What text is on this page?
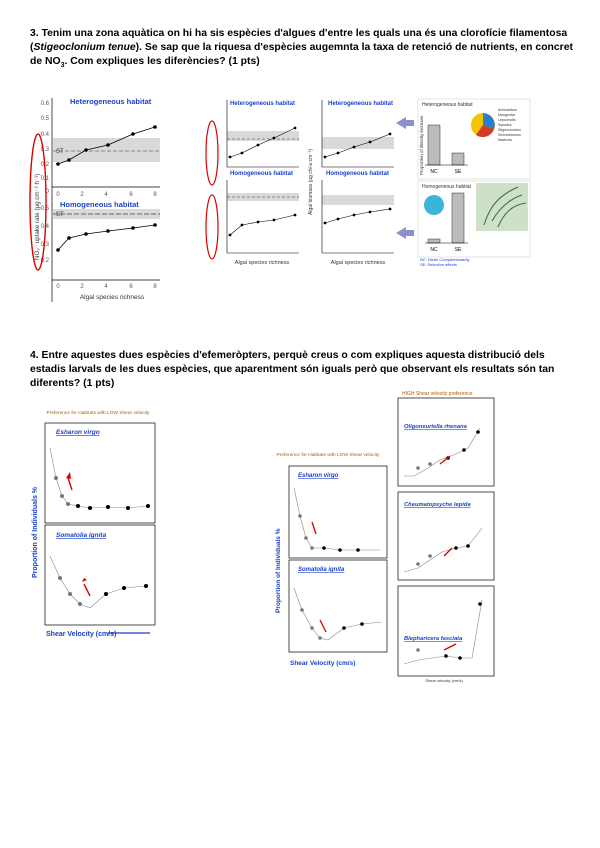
3. Tenim una zona aquàtica on hi ha sis espècies d'algues d'entre les quals una és una clorofície filamentosa (Stigeoclonium tenue). Se sap que la riquesa d'espècies augemnta la taxa de retenció de nutrients, en concret de $NO_3$. Com expliques les diferències? (1 pts)
Heterogeneous habitat
ST
0.6
0.5
0.4
0.3
0.2
0.1
0 0	2	4	6	8
Homogeneous habitat
ST
0.5
0.4
0.3
0.2
0	2	4	6	8
Algal species richness
NO₃⁻ uptake rate (µg cm⁻² h⁻¹)
Heterogeneous habitat
Homogeneous habitat
Algal species richness
Heterogeneous habitat
Homogeneous habitat
Algal species richness
Algal biomass (µg chl-a cm⁻²)
Heterogeneous habitat
NC	SE
Achnanthes
Mougeotia
Lepocinclis
Synedra
Stigeoclonium
Scenedesmus
Navicula
Proportion of density increase
Homogeneous habitat
NC	SE
NC: Niche Complementarity
SE: Selection effects
4. Entre aquestes dues espècies d'efemeròpters, perquè creus o com expliques aquesta distribució dels estadis larvals de les dues espècies, que aparentment són iguals però que observant els resultats són tan diferents? (1 pts)
Preference for Habitats with LOW Shear velocity
Esharon virgo
Somatolia ignita
Proportion of Individuals %
Shear Velocity (cm/s)
Preference for Habitats with LOW Shear velocity
Esharon virgo
Somatolia ignita
Proportion of Individuals %
Shear Velocity (cm/s)
HIGH Shear velocity preference
Oligoneuriella rhenana
Cheumatopsyche lepida
Blepharicera fasciata
Shear velocity (cm/s)
